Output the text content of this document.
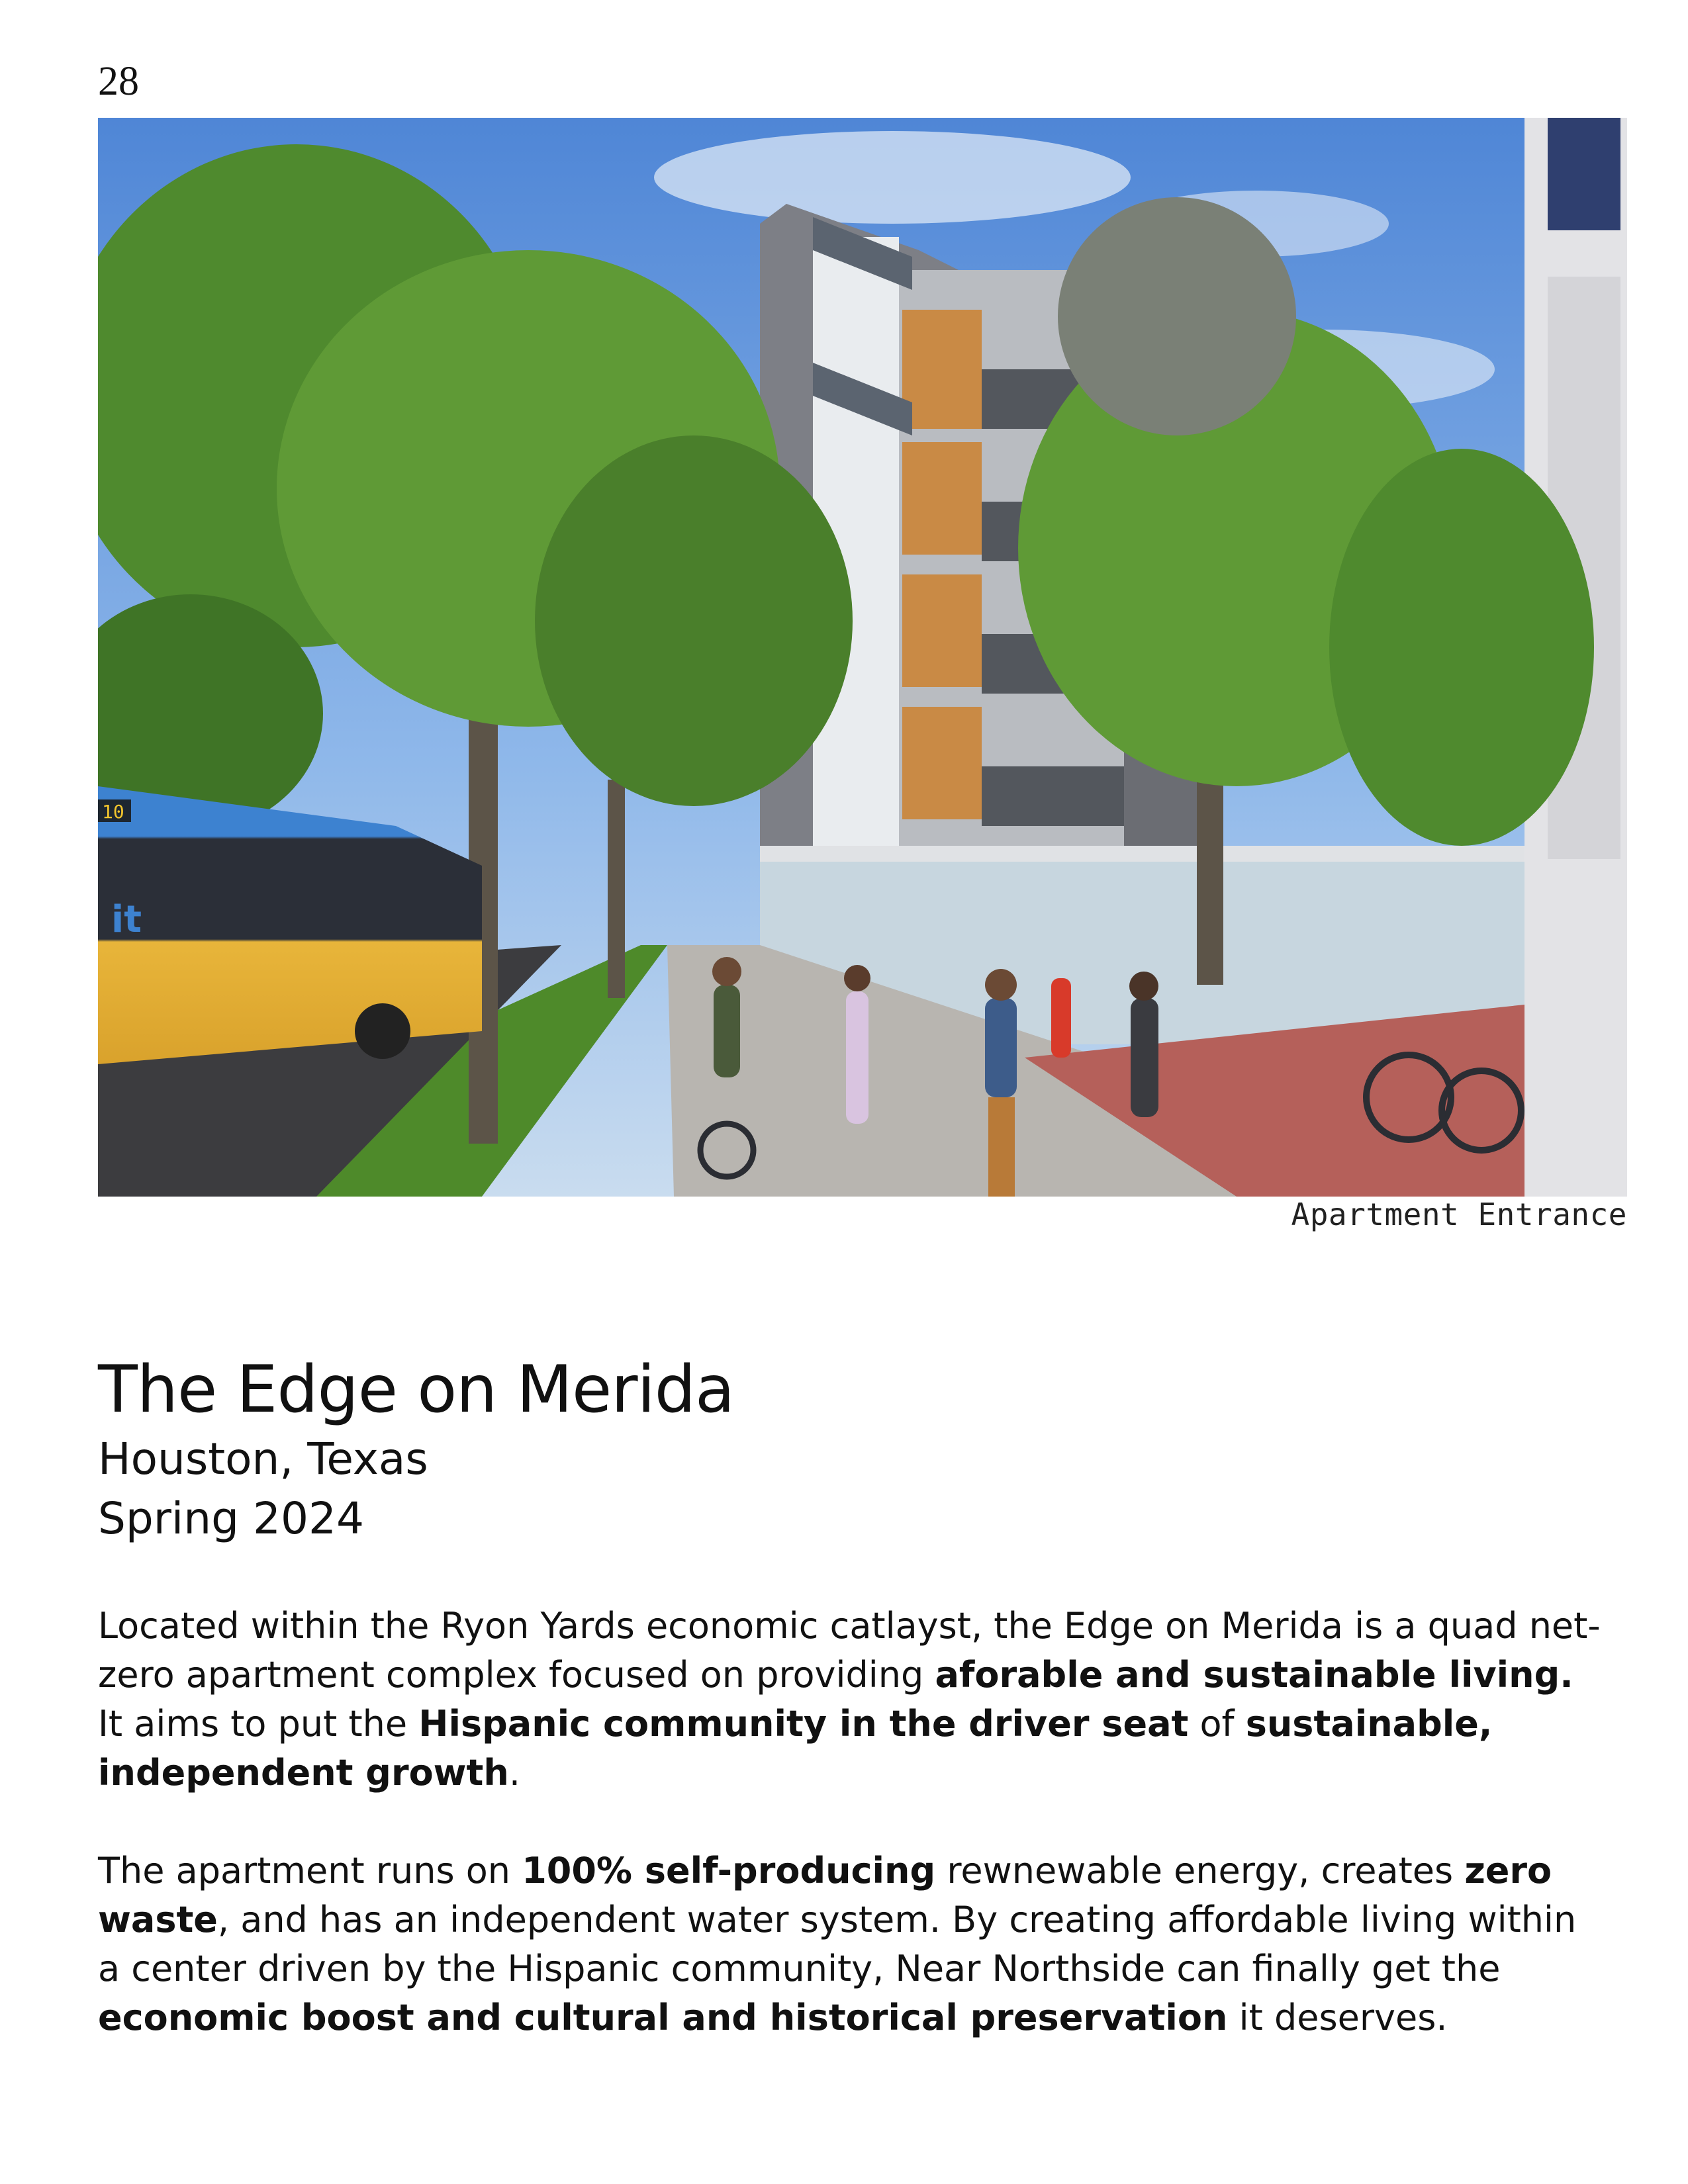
28
10
it
Apartment Entrance
The Edge on Merida

Houston, Texas

Spring 2024

Located within the Ryon Yards economic catlayst, the Edge on Merida is a quad net-zero apartment complex focused on providing aforable and sustainable living. It aims to put the Hispanic community in the driver seat of sustainable, independent growth.

The apartment runs on 100% self-producing rewnewable energy, creates zero waste, and has an independent water system. By creating affordable living within a center driven by the Hispanic community, Near Northside can finally get the economic boost and cultural and historical preservation it deserves.
